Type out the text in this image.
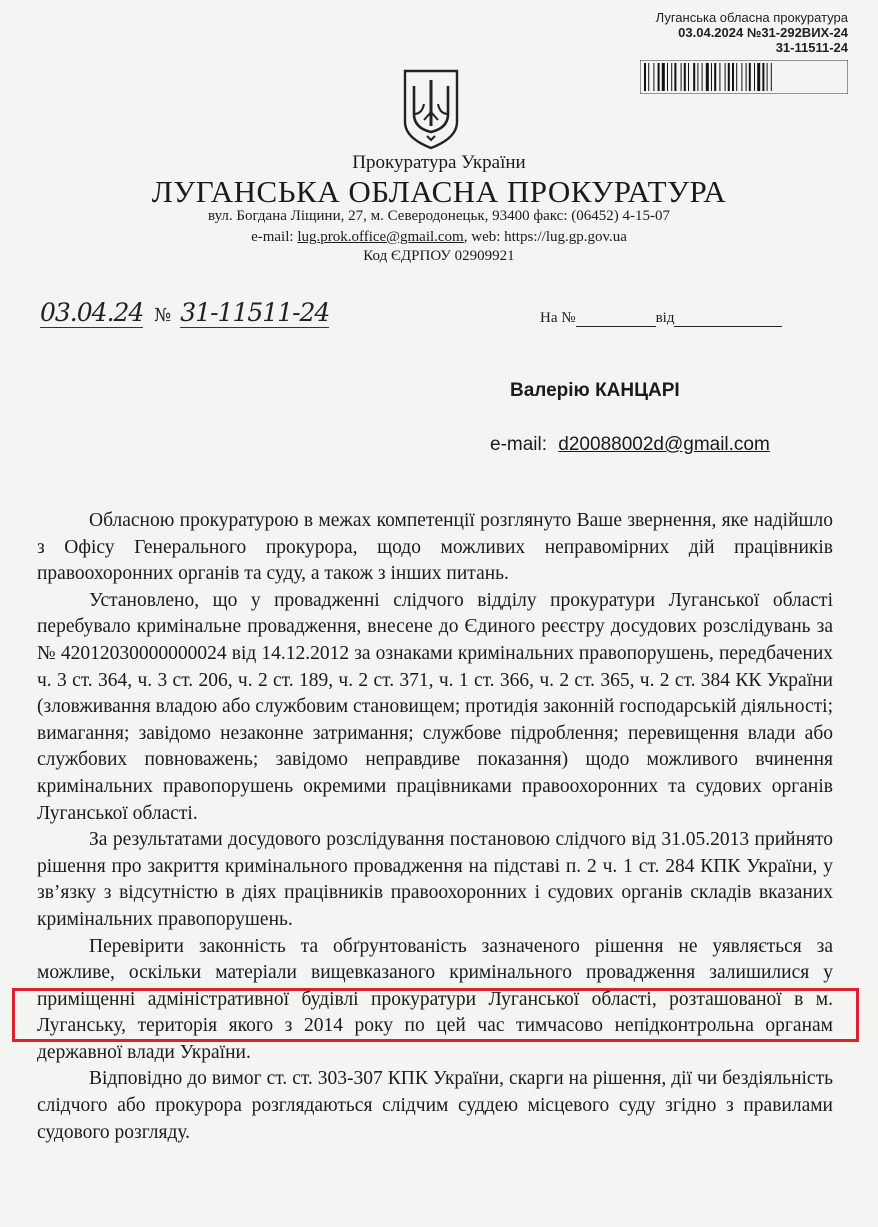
Луганська обласна прокуратура
03.04.2024 №31-292ВИХ-24
31-11511-24
Прокуратура України
ЛУГАНСЬКА ОБЛАСНА ПРОКУРАТУРА
вул. Богдана Ліщини, 27, м. Северодонецьк, 93400 факс: (06452) 4-15-07
e-mail: lug.prok.office@gmail.com, web: https://lug.gp.gov.ua
Код ЄДРПОУ 02909921
03.04.24 № 31-11511-24	На №	від
Валерію КАНЦАРІ
e-mail: d20088002d@gmail.com

Обласною прокуратурою в межах компетенції розглянуто Ваше звернення, яке надійшло з Офісу Генерального прокурора, щодо можливих неправомірних дій працівників правоохоронних органів та суду, а також з інших питань.

Установлено, що у провадженні слідчого відділу прокуратури Луганської області перебувало кримінальне провадження, внесене до Єдиного реєстру досудових розслідувань за № 42012030000000024 від 14.12.2012 за ознаками кримінальних правопорушень, передбачених ч. 3 ст. 364, ч. 3 ст. 206, ч. 2 ст. 189, ч. 2 ст. 371, ч. 1 ст. 366, ч. 2 ст. 365, ч. 2 ст. 384 КК України (зловживання владою або службовим становищем; протидія законній господарській діяльності; вимагання; завідомо незаконне затримання; службове підроблення; перевищення влади або службових повноважень; завідомо неправдиве показання) щодо можливого вчинення кримінальних правопорушень окремими працівниками правоохоронних та судових органів Луганської області.

За результатами досудового розслідування постановою слідчого від 31.05.2013 прийнято рішення про закриття кримінального провадження на підставі п. 2 ч. 1 ст. 284 КПК України, у зв’язку з відсутністю в діях працівників правоохоронних і судових органів складів вказаних кримінальних правопорушень.

Перевірити законність та обґрунтованість зазначеного рішення не уявляється за можливе, оскільки матеріали вищевказаного кримінального провадження залишилися у приміщенні адміністративної будівлі прокуратури Луганської області, розташованої в м. Луганську, територія якого з 2014 року по цей час тимчасово непідконтрольна органам державної влади України.

Відповідно до вимог ст. ст. 303-307 КПК України, скарги на рішення, дії чи бездіяльність слідчого або прокурора розглядаються слідчим суддею місцевого суду згідно з правилами судового розгляду.
